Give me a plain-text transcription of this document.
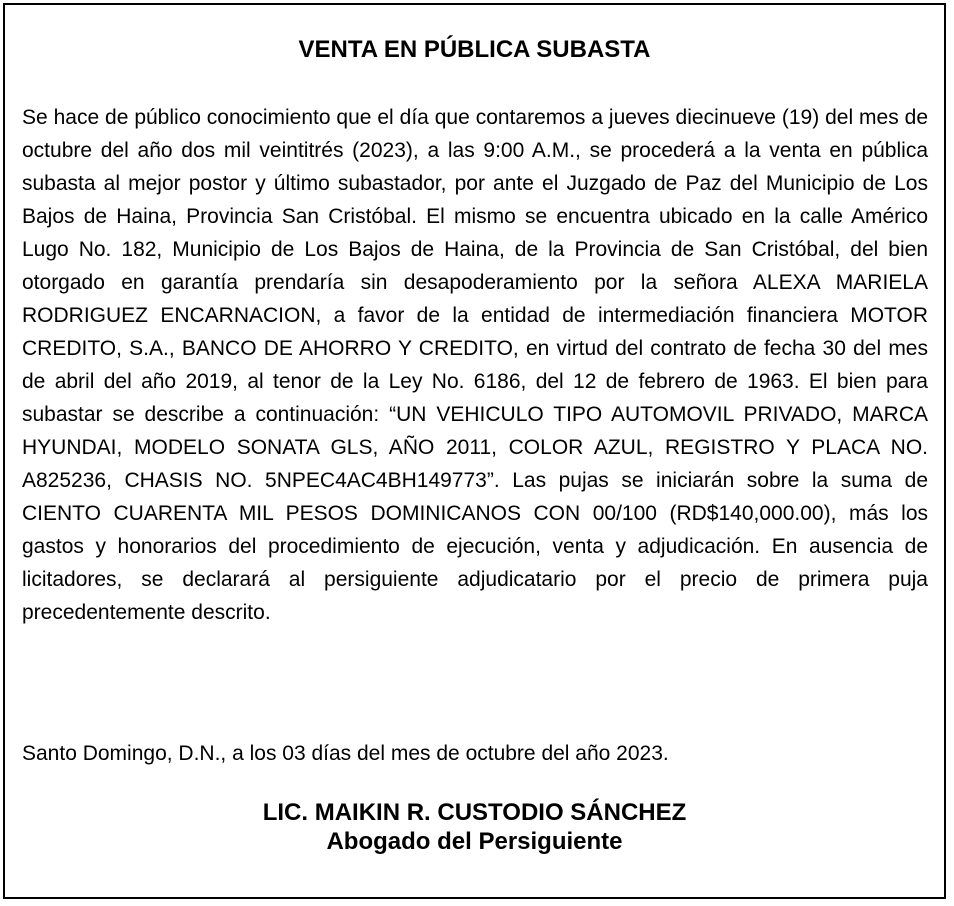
VENTA EN PÚBLICA SUBASTA

Se hace de público conocimiento que el día que contaremos a jueves diecinueve (19) del mes de octubre del año dos mil veintitrés (2023), a las 9:00 A.M., se procederá a la venta en pública subasta al mejor postor y último subastador, por ante el Juzgado de Paz del Municipio de Los Bajos de Haina, Provincia San Cristóbal. El mismo se encuentra ubicado en la calle Américo Lugo No. 182, Municipio de Los Bajos de Haina, de la Provincia de San Cristóbal, del bien otorgado en garantía prendaría sin desapoderamiento por la señora ALEXA MARIELA RODRIGUEZ ENCARNACION, a favor de la entidad de intermediación financiera MOTOR CREDITO, S.A., BANCO DE AHORRO Y CREDITO, en virtud del contrato de fecha 30 del mes de abril del año 2019, al tenor de la Ley No. 6186, del 12 de febrero de 1963. El bien para subastar se describe a continuación: “UN VEHICULO TIPO AUTOMOVIL PRIVADO, MARCA HYUNDAI, MODELO SONATA GLS, AÑO 2011, COLOR AZUL, REGISTRO Y PLACA NO. A825236, CHASIS NO. 5NPEC4AC4BH149773”. Las pujas se iniciarán sobre la suma de CIENTO CUARENTA MIL PESOS DOMINICANOS CON 00/100 (RD$140,000.00), más los gastos y honorarios del procedimiento de ejecución, venta y adjudicación. En ausencia de licitadores, se declarará al persiguiente adjudicatario por el precio de primera puja precedentemente descrito.

Santo Domingo, D.N., a los 03 días del mes de octubre del año 2023.

LIC. MAIKIN R. CUSTODIO SÁNCHEZ
Abogado del Persiguiente
